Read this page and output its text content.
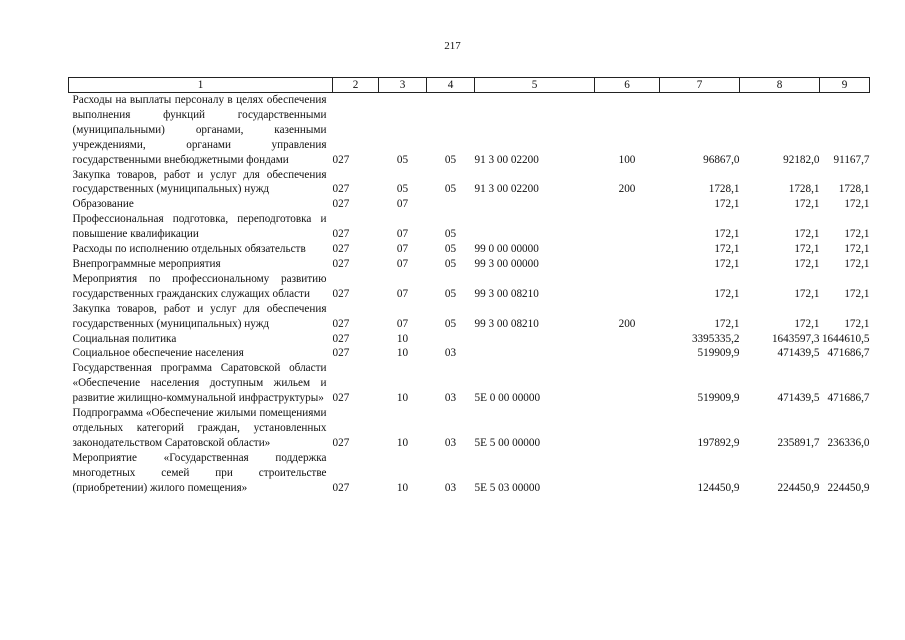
217
1	2	3	4	5	6	7	8	9
Расходы на выплаты персоналу в целях обеспечения выполнения функций государственными (муниципальными) органами, казенными учреждениями, органами управления государственными внебюджетными фондами	027	05	05	91 3 00 02200	100	96867,0	92182,0	91167,7
Закупка товаров, работ и услуг для обеспечения государственных (муниципальных) нужд	027	05	05	91 3 00 02200	200	1728,1	1728,1	1728,1
Образование	027	07				172,1	172,1	172,1
Профессиональная подготовка, переподготовка и повышение квалификации	027	07	05			172,1	172,1	172,1
Расходы по исполнению отдельных обязательств	027	07	05	99 0 00 00000		172,1	172,1	172,1
Внепрограммные мероприятия	027	07	05	99 3 00 00000		172,1	172,1	172,1
Мероприятия по профессиональному развитию государственных гражданских служащих области	027	07	05	99 3 00 08210		172,1	172,1	172,1
Закупка товаров, работ и услуг для обеспечения государственных (муниципальных) нужд	027	07	05	99 3 00 08210	200	172,1	172,1	172,1
Социальная политика	027	10				3395335,2	1643597,3	1644610,5
Социальное обеспечение населения	027	10	03			519909,9	471439,5	471686,7
Государственная программа Саратовской области «Обеспечение населения доступным жильем и развитие жилищно-коммунальной инфраструктуры»	027	10	03	5Е 0 00 00000		519909,9	471439,5	471686,7
Подпрограмма «Обеспечение жилыми помещениями отдельных категорий граждан, установленных законодательством Саратовской области»	027	10	03	5Е 5 00 00000		197892,9	235891,7	236336,0
Мероприятие «Государственная поддержка многодетных семей при строительстве (приобретении) жилого помещения»	027	10	03	5Е 5 03 00000		124450,9	224450,9	224450,9
